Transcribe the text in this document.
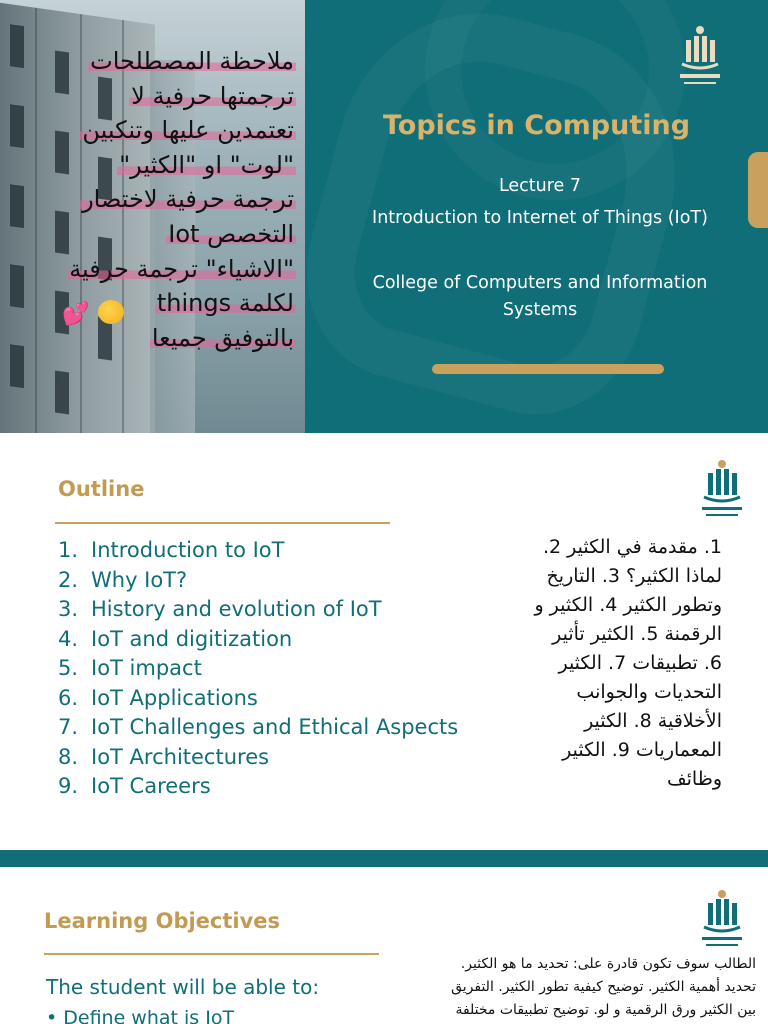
ملاحظة المصطلحات
ترجمتها حرفية لا
تعتمدين عليها وتنكبين
"لوت" او "الكثير"
ترجمة حرفية لاختصار
التخصص Iot
"الاشياء" ترجمة حرفية
لكلمة things
بالتوفيق جميعا
💕
Topics in Computing
Lecture 7
Introduction to Internet of Things (IoT)
College of Computers and Information
Systems
Outline
1. Introduction to IoT
2. Why IoT?
3. History and evolution of IoT
4. IoT and digitization
5. IoT impact
6. IoT Applications
7. IoT Challenges and Ethical Aspects
8. IoT Architectures
9. IoT Careers
1. مقدمة في الكثير 2.
لماذا الكثير؟ 3. التاريخ
وتطور الكثير 4. الكثير و
الرقمنة 5. الكثير تأثير
6. تطبيقات 7. الكثير
التحديات والجوانب
الأخلاقية 8. الكثير
المعماريات 9. الكثير
وظائف
Learning Objectives
The student will be able to:
• Define what is IoT
الطالب سوف تكون قادرة على: تحديد ما هو الكثير.
تحديد أهمية الكثير. توضيح كيفية تطور الكثير. التفريق
بين الكثير ورق الرقمية و لو. توضيح تطبيقات مختلفة
